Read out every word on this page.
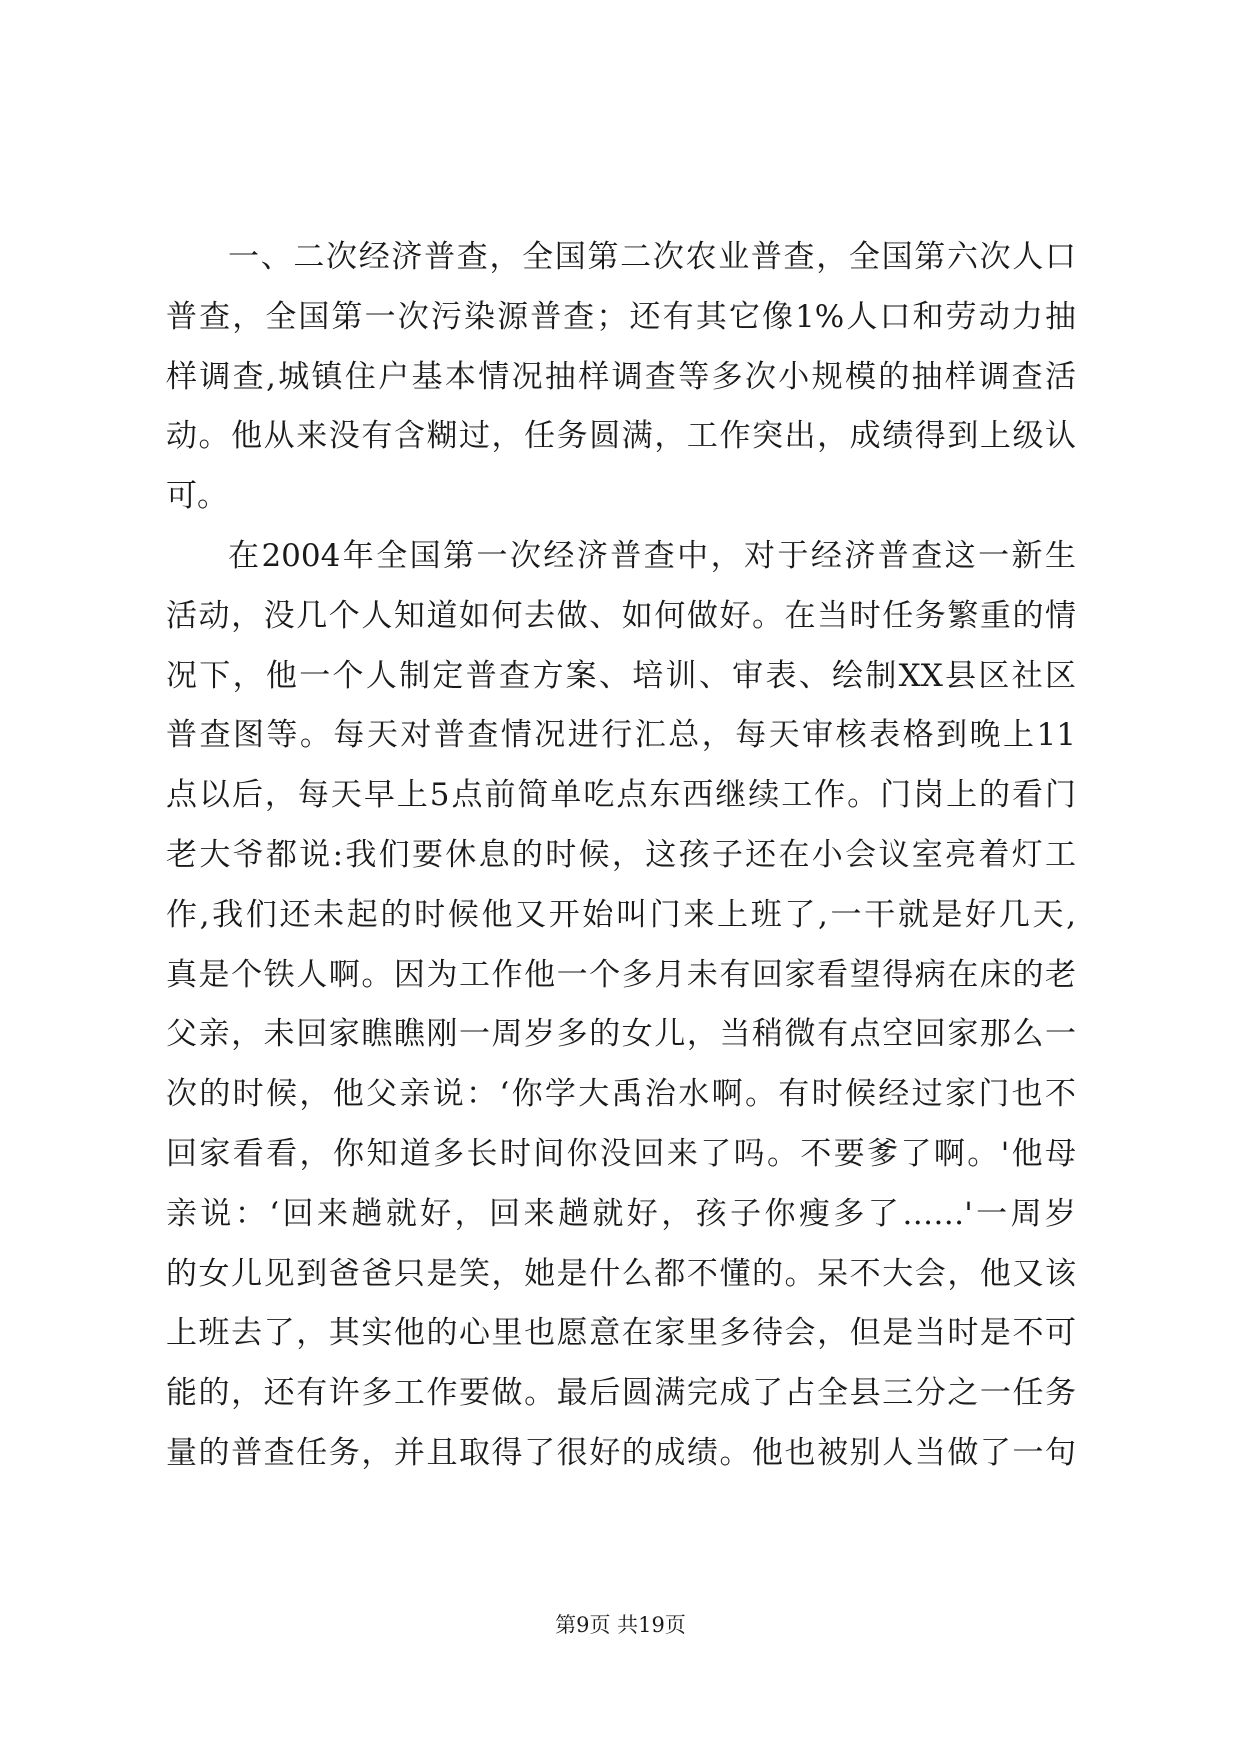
一、二次经济普查，全国第二次农业普查，全国第六次人口
普查，全国第一次污染源普查；还有其它像1%人口和劳动力抽
样调查,城镇住户基本情况抽样调查等多次小规模的抽样调查活
动。他从来没有含糊过，任务圆满，工作突出，成绩得到上级认
可。
在2004年全国第一次经济普查中，对于经济普查这一新生
活动，没几个人知道如何去做、如何做好。在当时任务繁重的情
况下，他一个人制定普查方案、培训、审表、绘制XX县区社区
普查图等。每天对普查情况进行汇总，每天审核表格到晚上11
点以后，每天早上5点前简单吃点东西继续工作。门岗上的看门
老大爷都说:我们要休息的时候，这孩子还在小会议室亮着灯工
作,我们还未起的时候他又开始叫门来上班了,一干就是好几天,
真是个铁人啊。因为工作他一个多月未有回家看望得病在床的老
父亲，未回家瞧瞧刚一周岁多的女儿，当稍微有点空回家那么一
次的时候，他父亲说：‘你学大禹治水啊。有时候经过家门也不
回家看看，你知道多长时间你没回来了吗。不要爹了啊。'他母
亲说：‘回来趟就好，回来趟就好，孩子你瘦多了……'一周岁
的女儿见到爸爸只是笑，她是什么都不懂的。呆不大会，他又该
上班去了，其实他的心里也愿意在家里多待会，但是当时是不可
能的，还有许多工作要做。最后圆满完成了占全县三分之一任务
量的普查任务，并且取得了很好的成绩。他也被别人当做了一句
第9页 共19页
